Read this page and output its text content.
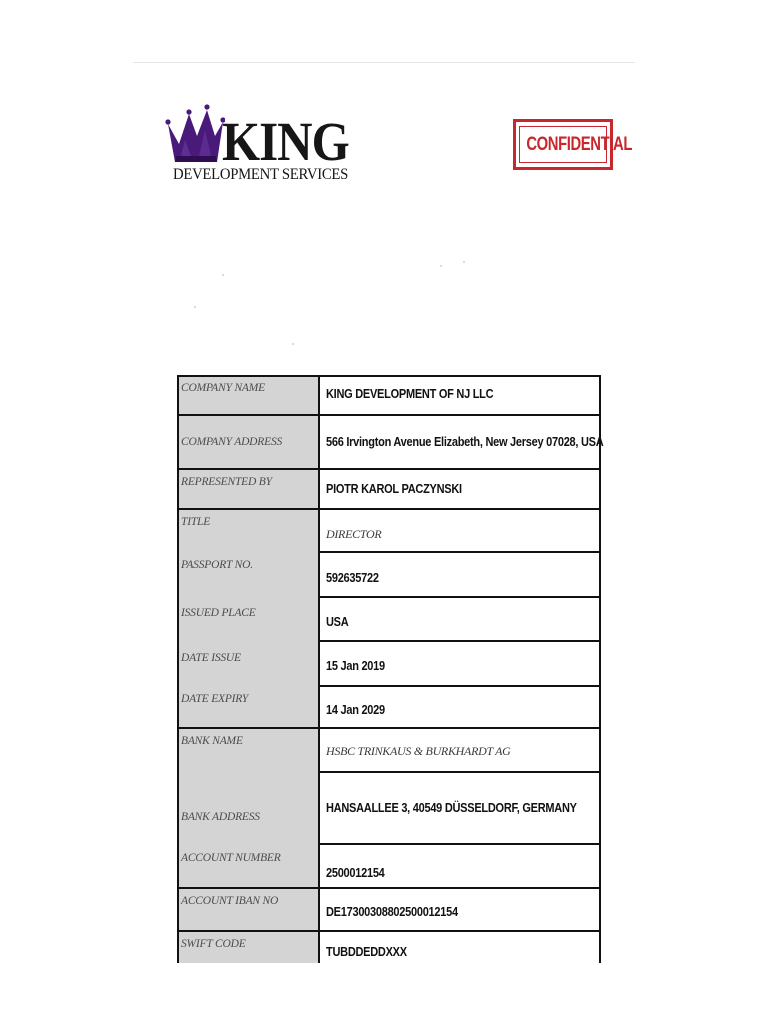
KING
DEVELOPMENT SERVICES
CONFIDENTIAL
COMPANY NAME
COMPANY ADDRESS
REPRESENTED BY
TITLE
PASSPORT NO.
ISSUED PLACE
DATE ISSUE
DATE EXPIRY
BANK NAME
BANK ADDRESS
ACCOUNT NUMBER
ACCOUNT IBAN NO
SWIFT CODE
KING DEVELOPMENT OF NJ LLC
566 Irvington Avenue Elizabeth, New Jersey 07028, USA
PIOTR KAROL PACZYNSKI
DIRECTOR
592635722
USA
15 Jan 2019
14 Jan 2029
HSBC TRINKAUS & BURKHARDT AG
HANSAALLEE 3, 40549 DÜSSELDORF, GERMANY
2500012154
DE17300308802500012154
TUBDDEDDXXX
